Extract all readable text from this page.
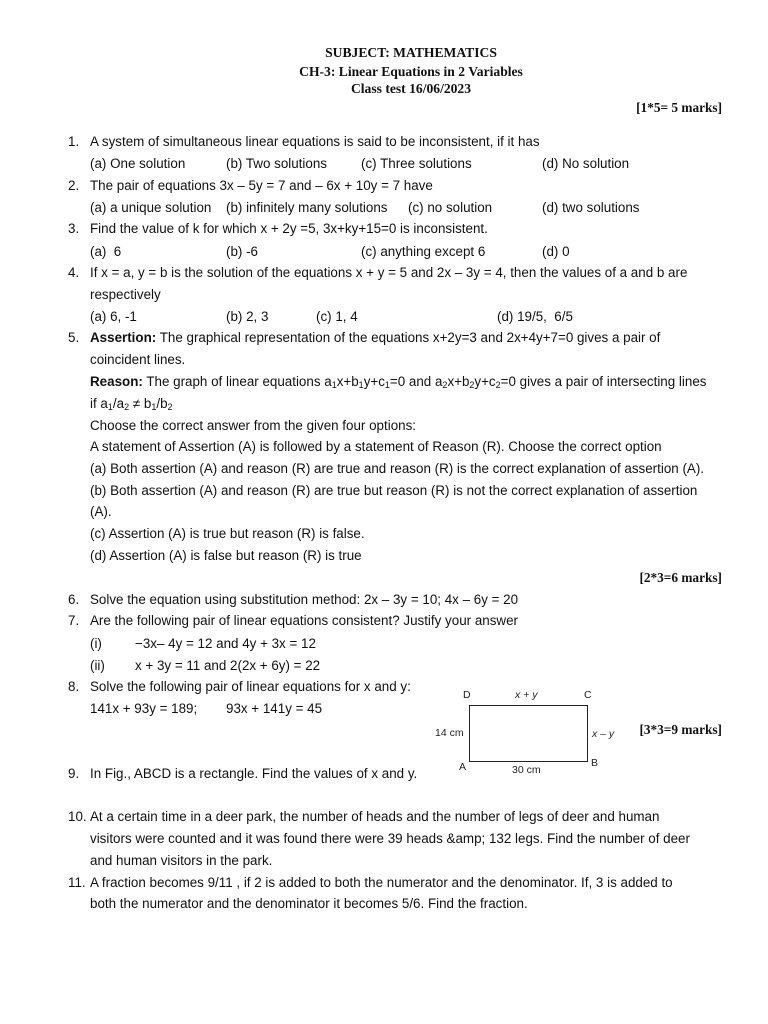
SUBJECT: MATHEMATICS
CH-3: Linear Equations in 2 Variables
Class test 16/06/2023
[1*5= 5 marks]
1. A system of simultaneous linear equations is said to be inconsistent, if it has
(a) One solution	(b) Two solutions	(c) Three solutions	(d) No solution
2. The pair of equations 3x – 5y = 7 and – 6x + 10y = 7 have
(a) a unique solution (b) infinitely many solutions (c) no solution	(d) two solutions
3. Find the value of k for which x + 2y =5, 3x+ky+15=0 is inconsistent.
(a)  6	(b) -6	(c) anything except 6	(d) 0
4. If x = a, y = b is the solution of the equations x + y = 5 and 2x – 3y = 4, then the values of a and b are
respectively
(a) 6, -1	(b) 2, 3	(c) 1, 4	(d) 19/5,  6/5
5. Assertion: The graphical representation of the equations x+2y=3 and 2x+4y+7=0 gives a pair of
coincident lines.
Reason: The graph of linear equations $a_1x+b_1y+c_1=0$ and $a_2x+b_2y+c_2=0$ gives a pair of intersecting lines
if $a_1/a_2 \ne b_1/b_2$
Choose the correct answer from the given four options:
A statement of Assertion (A) is followed by a statement of Reason (R). Choose the correct option
(a) Both assertion (A) and reason (R) are true and reason (R) is the correct explanation of assertion (A).
(b) Both assertion (A) and reason (R) are true but reason (R) is not the correct explanation of assertion
(A).
(c) Assertion (A) is true but reason (R) is false.
(d) Assertion (A) is false but reason (R) is true
[2*3=6 marks]
6. Solve the equation using substitution method: 2x – 3y = 10; 4x – 6y = 20
7. Are the following pair of linear equations consistent? Justify your answer
(i) −3x– 4y = 12 and 4y + 3x = 12
(ii) x + 3y = 11 and 2(2x + 6y) = 22
8. Solve the following pair of linear equations for x and y:
141x + 93y = 189; 93x + 141y = 45
D	x + y	C
14 cm	x – y
A	30 cm
B
[3*3=9 marks]
9. In Fig., ABCD is a rectangle. Find the values of x and y.
10. At a certain time in a deer park, the number of heads and the number of legs of deer and human
visitors were counted and it was found there were 39 heads &amp; 132 legs. Find the number of deer
and human visitors in the park.
11. A fraction becomes 9/11 , if 2 is added to both the numerator and the denominator. If, 3 is added to
both the numerator and the denominator it becomes 5/6. Find the fraction.
